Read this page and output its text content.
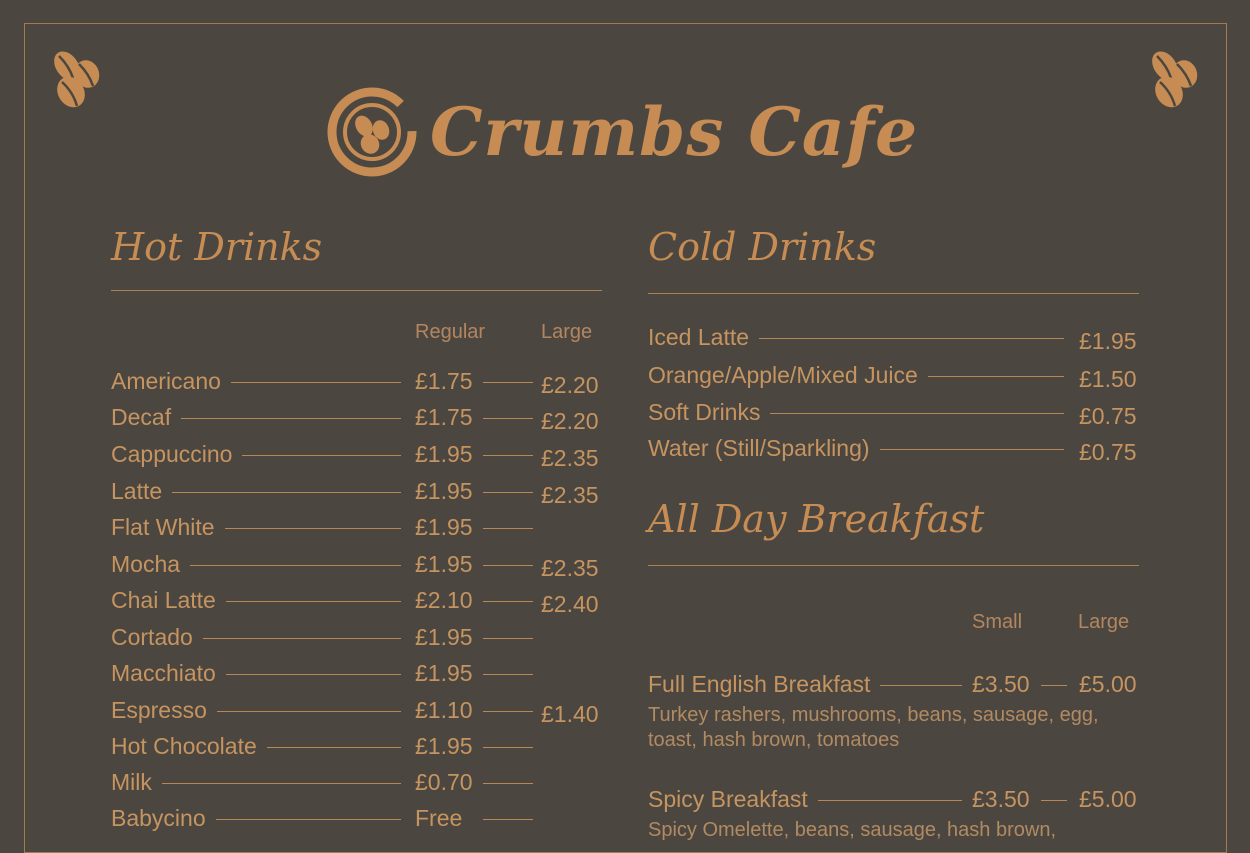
Crumbs Cafe
Hot Drinks
Regular	Large
Americano	£1.75	£2.20
Decaf	£1.75	£2.20
Cappuccino	£1.95	£2.35
Latte	£1.95	£2.35
Flat White	£1.95
Mocha	£1.95	£2.35
Chai Latte	£2.10	£2.40
Cortado	£1.95
Macchiato	£1.95
Espresso	£1.10	£1.40
Hot Chocolate	£1.95
Milk	£0.70
Babycino	Free
Cold Drinks
Iced Latte	£1.95
Orange/Apple/Mixed Juice	£1.50
Soft Drinks	£0.75
Water (Still/Sparkling)	£0.75
All Day Breakfast
Small	Large
Full English Breakfast	£3.50 £5.00
Turkey rashers, mushrooms, beans, sausage, egg, toast, hash brown, tomatoes
Spicy Breakfast	£3.50 £5.00
Spicy Omelette, beans, sausage, hash brown,
